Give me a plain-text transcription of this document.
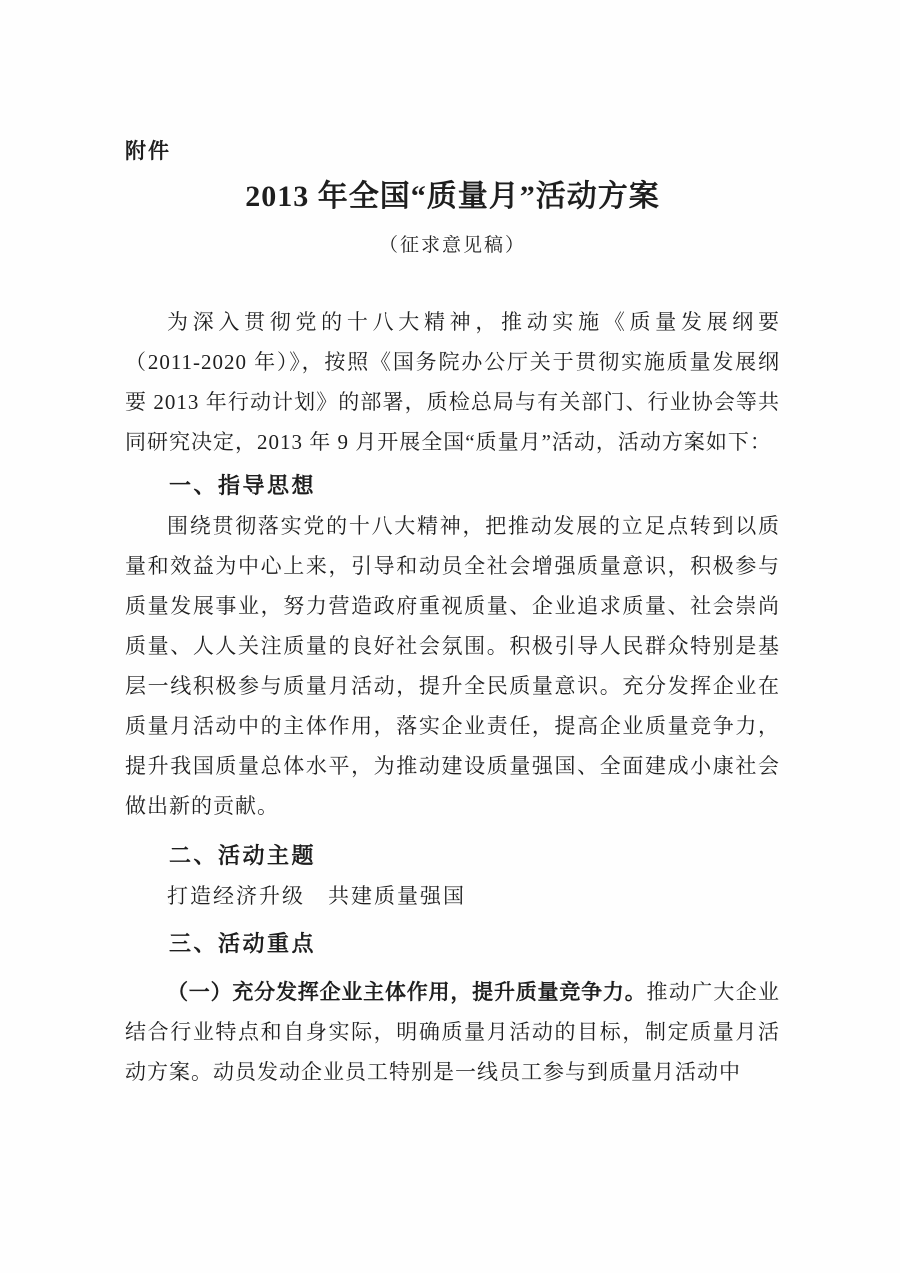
附件
2013 年全国“质量月”活动方案
（征求意见稿）

为深入贯彻党的十八大精神，推动实施《质量发展纲要（2011⁠-⁠2020 年）》，按照《国务院办公厅关于贯彻实施质量发展纲要 2013 年行动计划》的部署，质检总局与有关部门、行业协会等共同研究决定，2013 年 9 月开展全国“质量月”活动，活动方案如下：

一、指导思想

围绕贯彻落实党的十八大精神，把推动发展的立足点转到以质量和效益为中心上来，引导和动员全社会增强质量意识，积极参与质量发展事业，努力营造政府重视质量、企业追求质量、社会崇尚质量、人人关注质量的良好社会氛围。积极引导人民群众特别是基层一线积极参与质量月活动，提升全民质量意识。充分发挥企业在质量月活动中的主体作用，落实企业责任，提高企业质量竞争力，提升我国质量总体水平，为推动建设质量强国、全面建成小康社会做出新的贡献。

二、活动主题

打造经济升级　共建质量强国

三、活动重点

（一）充分发挥企业主体作用，提升质量竞争力。推动广大企业结合行业特点和自身实际，明确质量月活动的目标，制定质量月活动方案。动员发动企业员工特别是一线员工参与到质量月活动中
